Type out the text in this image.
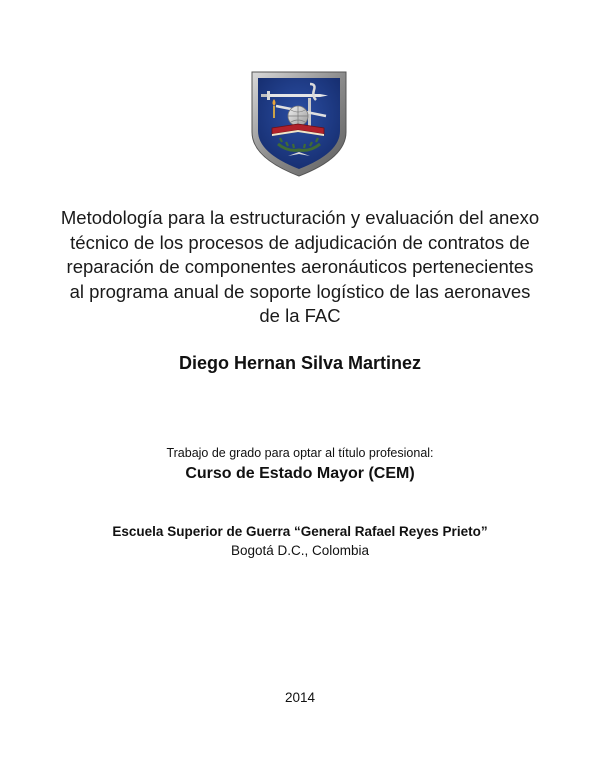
Metodología para la estructuración y evaluación del anexo técnico de los procesos de adjudicación de contratos de reparación de componentes aeronáuticos pertenecientes al programa anual de soporte logístico de las aeronaves de la FAC
Diego Hernan Silva Martinez
Trabajo de grado para optar al título profesional:
Curso de Estado Mayor (CEM)
Escuela Superior de Guerra “General Rafael Reyes Prieto”
Bogotá D.C., Colombia
2014
